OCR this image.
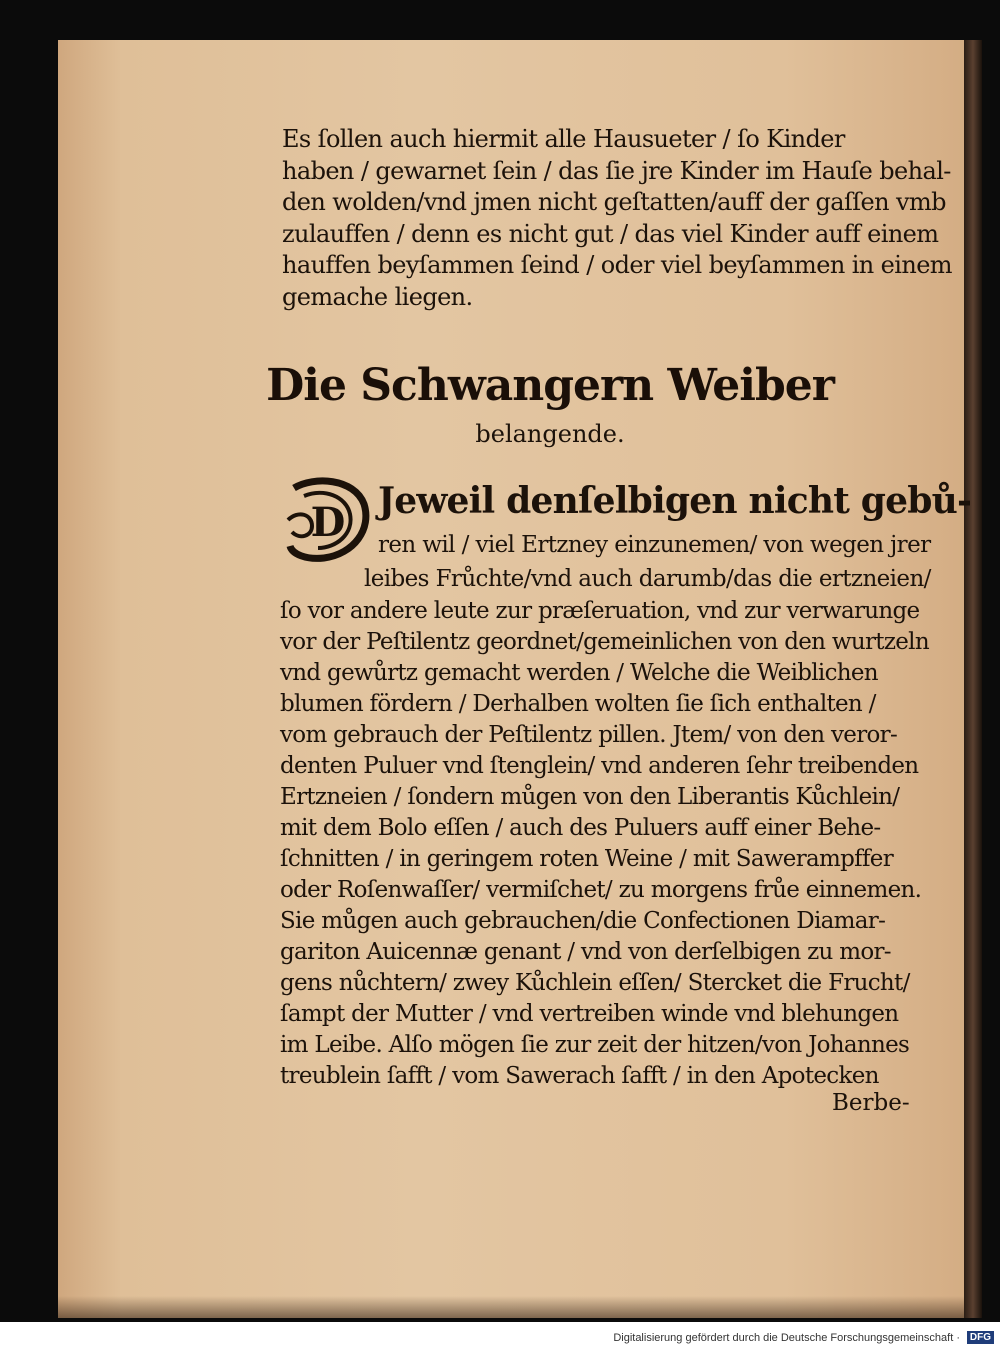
Es ſollen auch hiermit alle Hausueter / ſo Kinder
haben / gewarnet ſein / das ſie jre Kinder im Hauſe behal-
den wolden/vnd jmen nicht geſtatten/auff der gaſſen vmb
zulauffen / denn es nicht gut / das viel Kinder auff einem
hauffen beyſammen ſeind / oder viel beyſammen in einem
gemache liegen.
Die Schwangern Weiber
belangende.
D Jeweil denſelbigen nicht gebů-
ren wil / viel Ertzney einzunemen/ von wegen jrer
leibes Frůchte/vnd auch darumb/das die ertzneien/
ſo vor andere leute zur præſeruation, vnd zur verwarunge
vor der Peſtilentz geordnet/gemeinlichen von den wurtzeln
vnd gewůrtz gemacht werden / Welche die Weiblichen
blumen fördern / Derhalben wolten ſie ſich enthalten /
vom gebrauch der Peſtilentz pillen. Jtem/ von den veror-
denten Puluer vnd ſtenglein/ vnd anderen ſehr treibenden
Ertzneien / ſondern můgen von den Liberantis Kůchlein/
mit dem Bolo eſſen / auch des Puluers auff einer Behe-
ſchnitten / in geringem roten Weine / mit Sawerampffer
oder Roſenwaſſer/ vermiſchet/ zu morgens frůe einnemen.
Sie můgen auch gebrauchen/die Confectionen Diamar-
gariton Auicennæ genant / vnd von derſelbigen zu mor-
gens nůchtern/ zwey Kůchlein eſſen/ Stercket die Frucht/
ſampt der Mutter / vnd vertreiben winde vnd blehungen
im Leibe. Alſo mögen ſie zur zeit der hitzen/von Johannes
treublein ſafft / vom Sawerach ſafft / in den Apotecken
Berbe-
Digitalisierung gefördert durch die Deutsche Forschungsgemeinschaft · DFG
